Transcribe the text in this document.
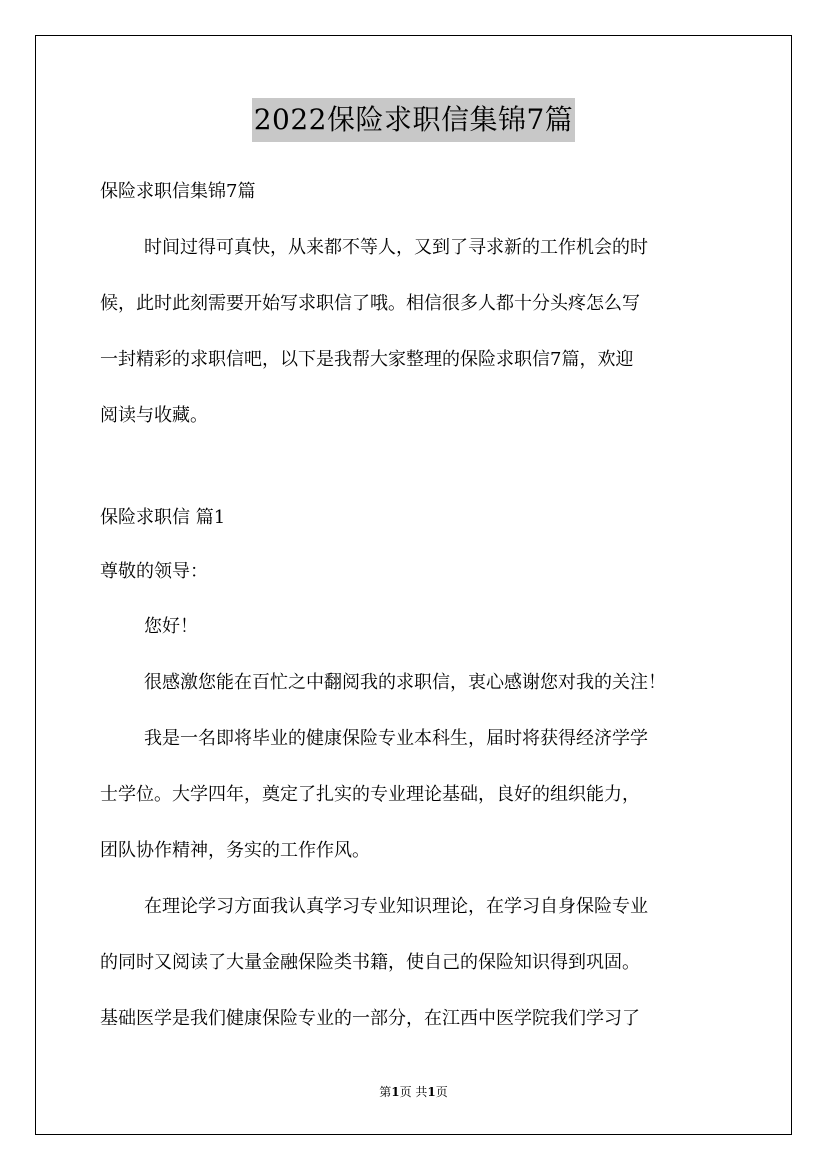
2022保险求职信集锦7篇
保险求职信集锦7篇
时间过得可真快，从来都不等人，又到了寻求新的工作机会的时
候，此时此刻需要开始写求职信了哦。相信很多人都十分头疼怎么写
一封精彩的求职信吧，以下是我帮大家整理的保险求职信7篇，欢迎
阅读与收藏。
保险求职信 篇1
尊敬的领导：
您好！
很感激您能在百忙之中翻阅我的求职信，衷心感谢您对我的关注！
我是一名即将毕业的健康保险专业本科生，届时将获得经济学学
士学位。大学四年，奠定了扎实的专业理论基础，良好的组织能力，
团队协作精神，务实的工作作风。
在理论学习方面我认真学习专业知识理论，在学习自身保险专业
的同时又阅读了大量金融保险类书籍，使自己的保险知识得到巩固。
基础医学是我们健康保险专业的一部分，在江西中医学院我们学习了
第1页 共1页
